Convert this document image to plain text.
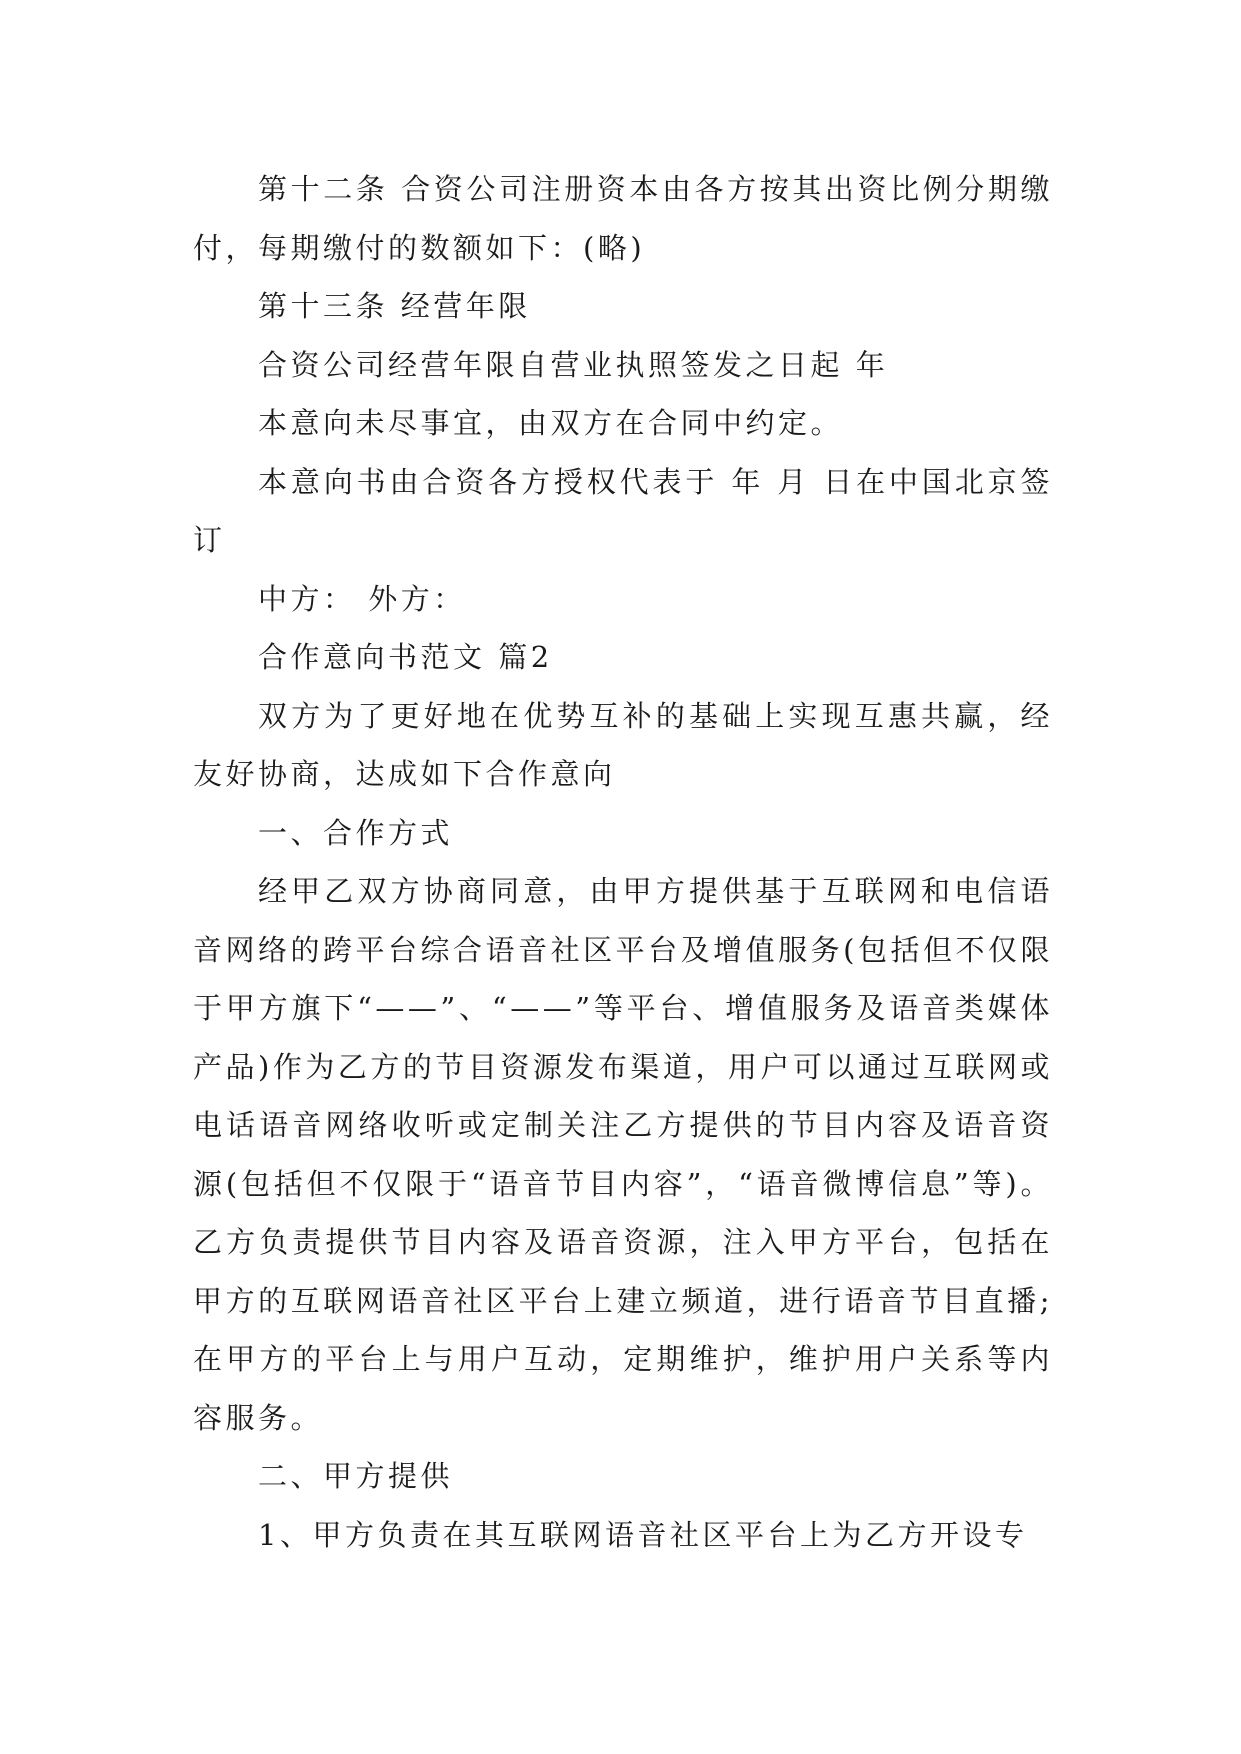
第十二条 合资公司注册资本由各方按其出资比例分期缴付，每期缴付的数额如下：(略)

第十三条 经营年限

合资公司经营年限自营业执照签发之日起 年

本意向未尽事宜，由双方在合同中约定。

本意向书由合资各方授权代表于 年 月 日在中国北京签订

中方： 外方：

合作意向书范文 篇2

双方为了更好地在优势互补的基础上实现互惠共赢，经友好协商，达成如下合作意向

一、合作方式

经甲乙双方协商同意，由甲方提供基于互联网和电信语音网络的跨平台综合语音社区平台及增值服务(包括但不仅限于甲方旗下“——”、“——”等平台、增值服务及语音类媒体产品)作为乙方的节目资源发布渠道，用户可以通过互联网或电话语音网络收听或定制关注乙方提供的节目内容及语音资源(包括但不仅限于“语音节目内容”，“语音微博信息”等)。乙方负责提供节目内容及语音资源，注入甲方平台，包括在甲方的互联网语音社区平台上建立频道，进行语音节目直播;在甲方的平台上与用户互动，定期维护，维护用户关系等内容服务。

二、甲方提供

1、甲方负责在其互联网语音社区平台上为乙方开设专
